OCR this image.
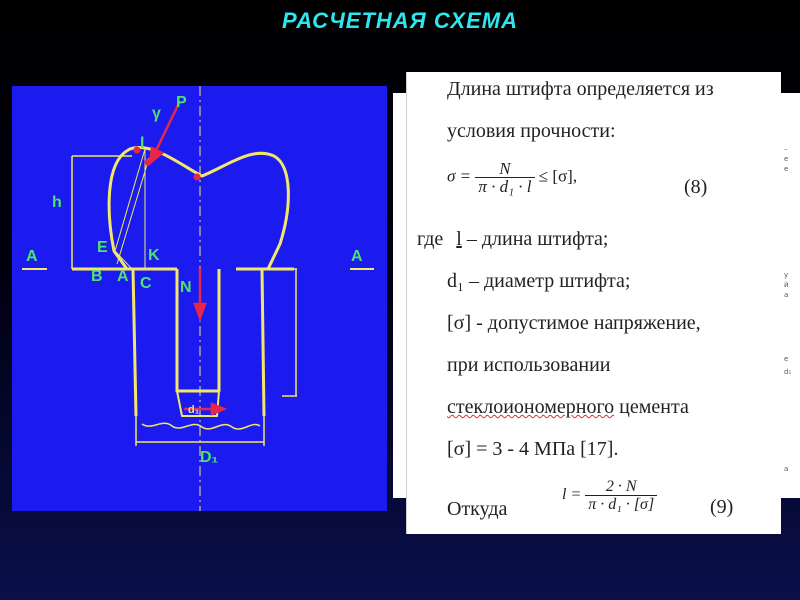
РАСЧЕТНАЯ СХЕМА
P
γ
l
h
E
A	A
K
B A C N
d₁
D₁
–
е
е
у
й
а
е
d₁
а
Длина штифта определяется из
условия прочности:
$\sigma = \frac{N}{\text{π · d₁ · l}} \le [\sigma]$,
(8)
где l – длина штифта;
d₁ – диаметр штифта;
[σ] - допустимое напряжение,
при использовании
стеклоиономерного цемента
[σ] = 3 - 4 МПа [17].
Откуда
$l = \frac{2 \cdot N}{\text{π · d₁ · [σ]}}$	(9)
